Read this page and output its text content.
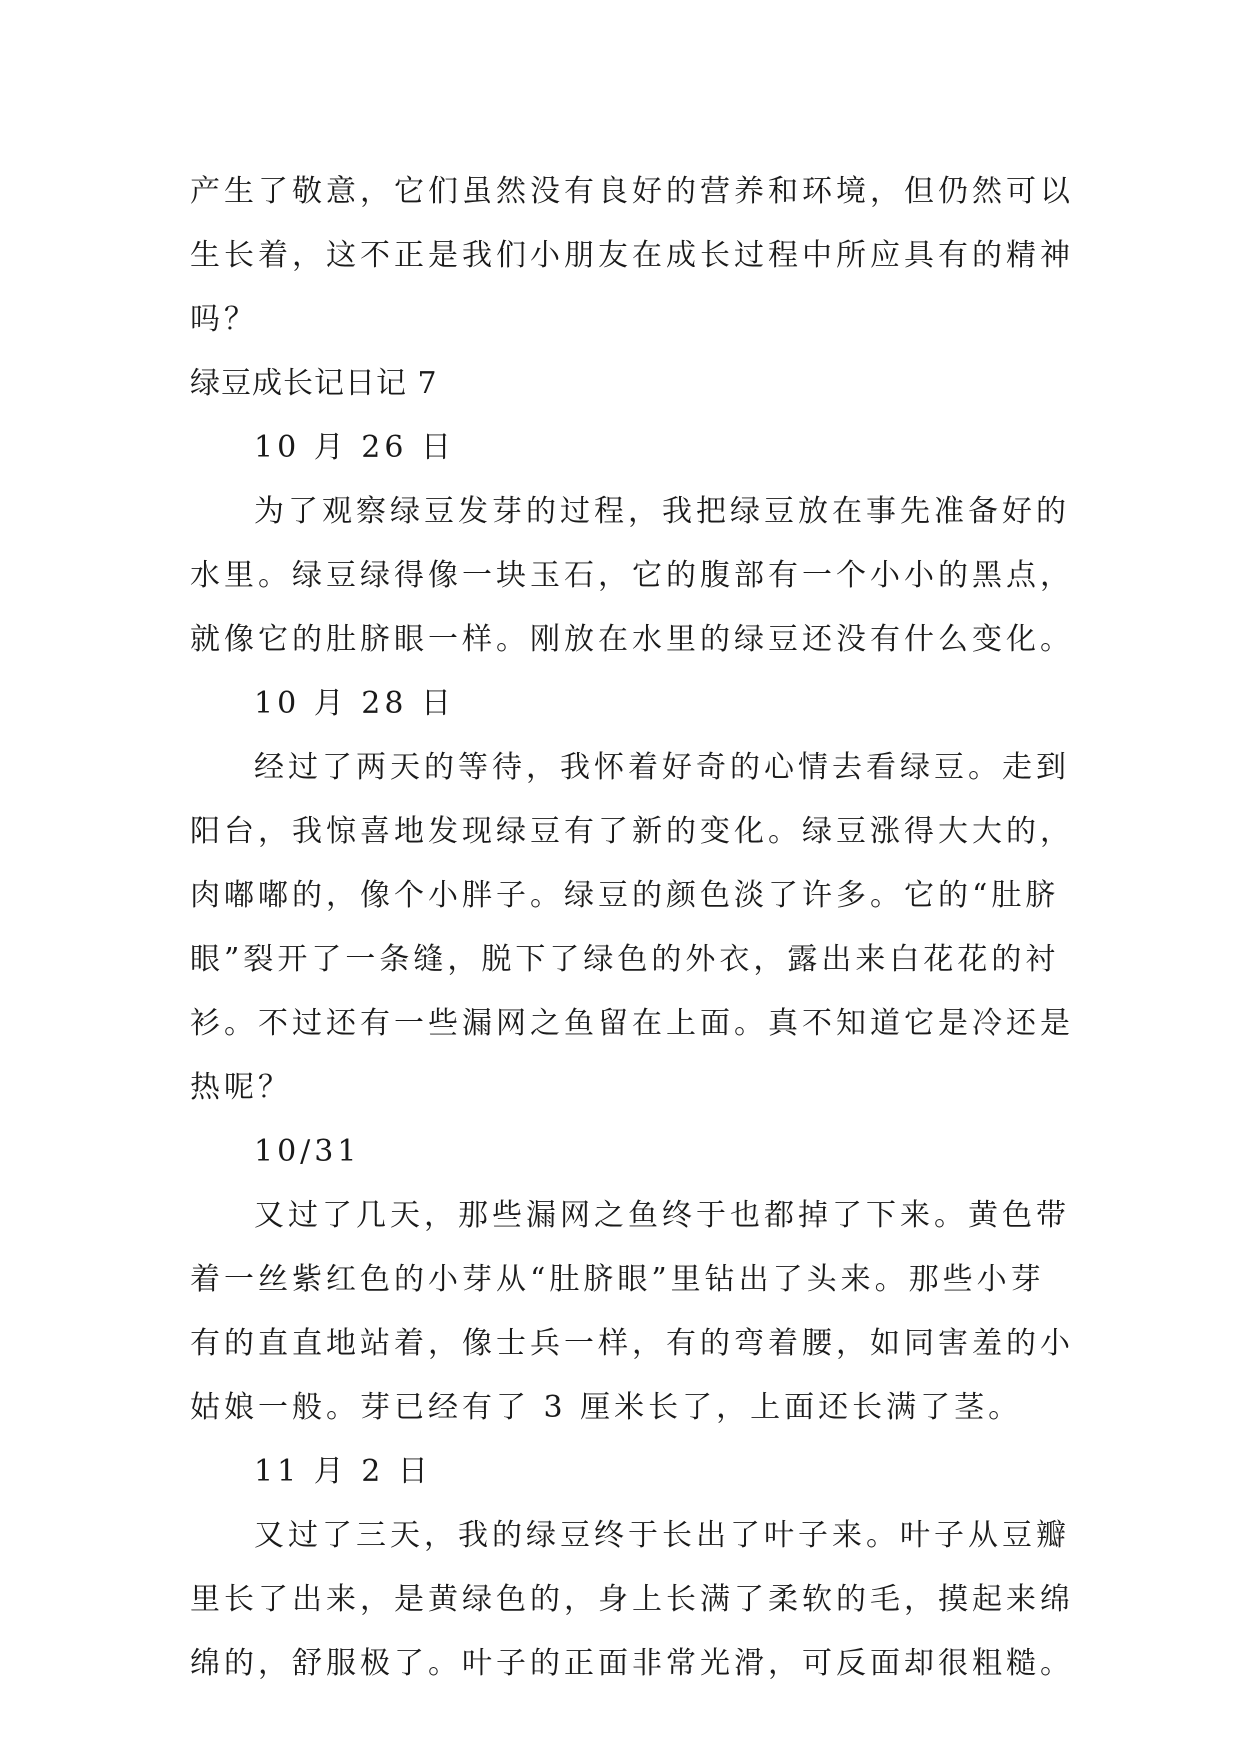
产生了敬意，它们虽然没有良好的营养和环境，但仍然可以
生长着，这不正是我们小朋友在成长过程中所应具有的精神
吗？
绿豆成长记日记 7
10 月 26 日
为了观察绿豆发芽的过程，我把绿豆放在事先准备好的
水里。绿豆绿得像一块玉石，它的腹部有一个小小的黑点，
就像它的肚脐眼一样。刚放在水里的绿豆还没有什么变化。
10 月 28 日
经过了两天的等待，我怀着好奇的心情去看绿豆。走到
阳台，我惊喜地发现绿豆有了新的变化。绿豆涨得大大的，
肉嘟嘟的，像个小胖子。绿豆的颜色淡了许多。它的“肚脐
眼”裂开了一条缝，脱下了绿色的外衣，露出来白花花的衬
衫。不过还有一些漏网之鱼留在上面。真不知道它是冷还是
热呢？
10/31
又过了几天，那些漏网之鱼终于也都掉了下来。黄色带
着一丝紫红色的小芽从“肚脐眼”里钻出了头来。那些小芽
有的直直地站着，像士兵一样，有的弯着腰，如同害羞的小
姑娘一般。芽已经有了 3 厘米长了，上面还长满了茎。
11 月 2 日
又过了三天，我的绿豆终于长出了叶子来。叶子从豆瓣
里长了出来，是黄绿色的，身上长满了柔软的毛，摸起来绵
绵的，舒服极了。叶子的正面非常光滑，可反面却很粗糙。
